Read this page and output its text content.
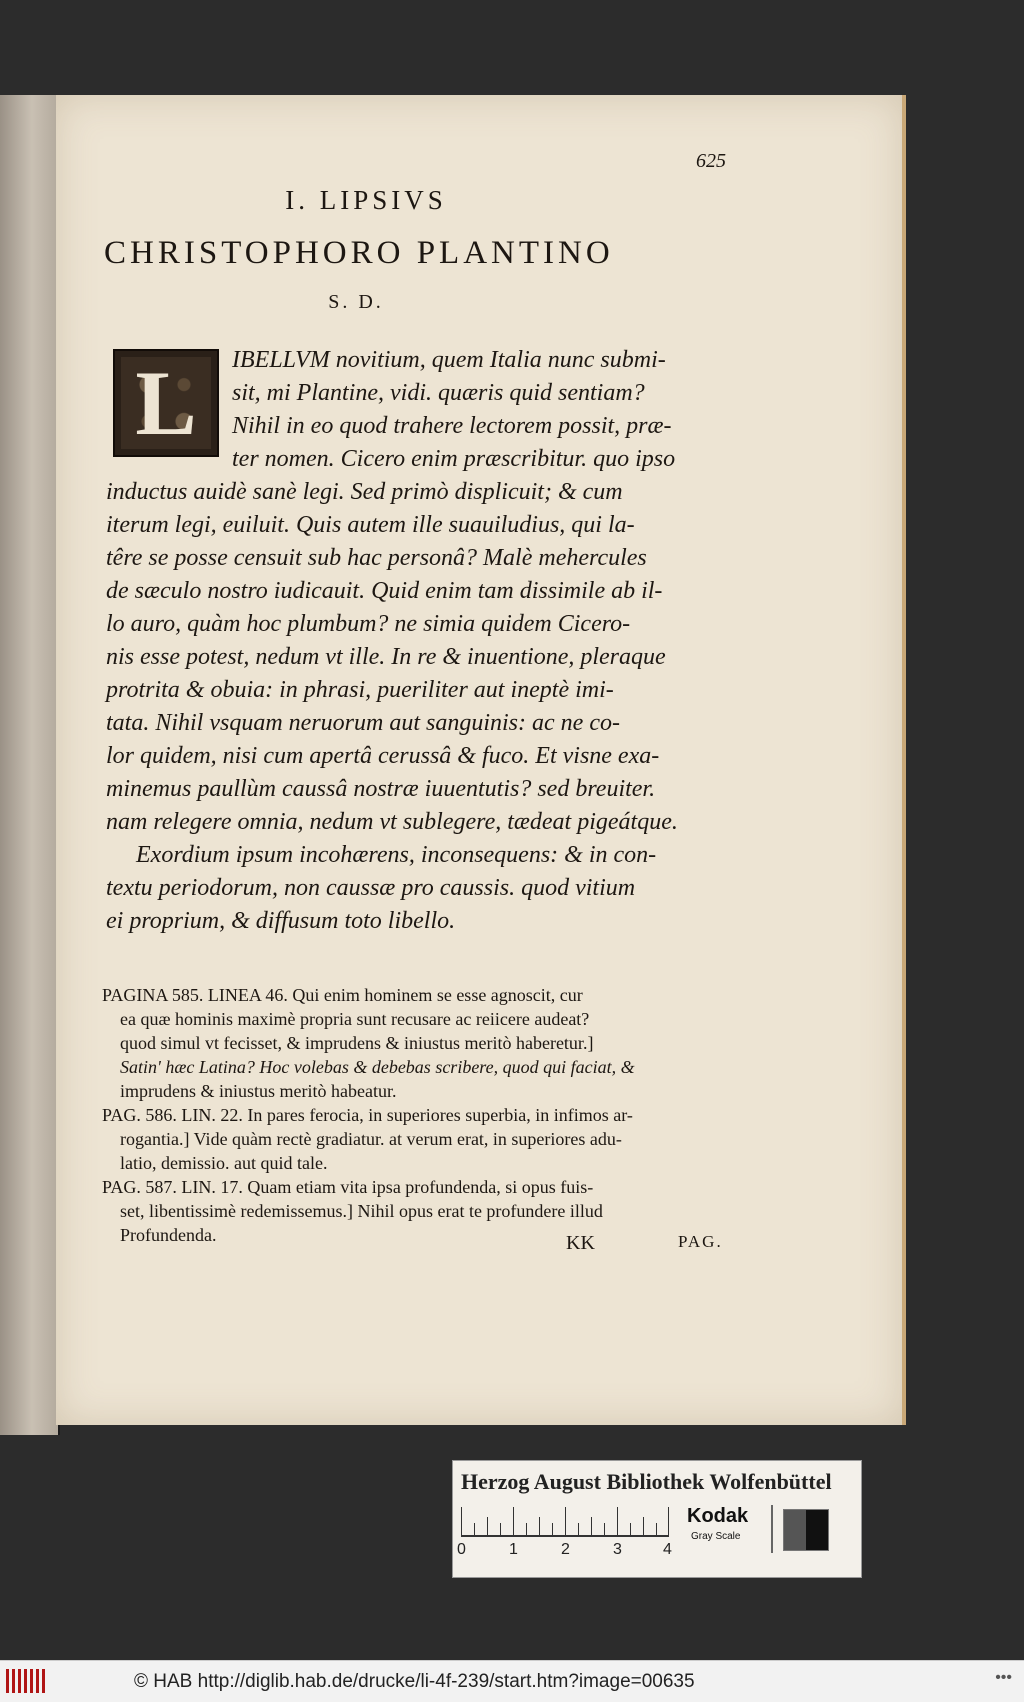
625
I. LIPSIVS
CHRISTOPHORO PLANTINO
S. D.
L	IBELLVM novitium, quem Italia nunc submi-
sit, mi Plantine, vidi. quæris quid sentiam?
Nihil in eo quod trahere lectorem possit, præ-
ter nomen. Cicero enim præscribitur. quo ipso
inductus auidè sanè legi. Sed primò displicuit; & cum
iterum legi, euiluit. Quis autem ille suauiludius, qui la-
têre se posse censuit sub hac personâ? Malè mehercules
de sæculo nostro iudicauit. Quid enim tam dissimile ab il-
lo auro, quàm hoc plumbum? ne simia quidem Cicero-
nis esse potest, nedum vt ille. In re & inuentione, pleraque
protrita & obuia: in phrasi, pueriliter aut ineptè imi-
tata. Nihil vsquam neruorum aut sanguinis: ac ne co-
lor quidem, nisi cum apertâ cerussâ & fuco. Et visne exa-
minemus paullùm caussâ nostræ iuuentutis? sed breuiter.
nam relegere omnia, nedum vt sublegere, tædeat pigeátque.
Exordium ipsum incohærens, inconsequens: & in con-
textu periodorum, non caussæ pro caussis. quod vitium
ei proprium, & diffusum toto libello.
PAGINA 585. LINEA 46. Qui enim hominem se esse agnoscit, cur
ea quæ hominis maximè propria sunt recusare ac reiicere audeat?
quod simul vt fecisset, & imprudens & iniustus meritò haberetur.]
Satin' hæc Latina? Hoc volebas & debebas scribere, quod qui faciat, &
imprudens & iniustus meritò habeatur.
PAG. 586. LIN. 22. In pares ferocia, in superiores superbia, in infimos ar-
rogantia.] Vide quàm rectè gradiatur. at verum erat, in superiores adu-
latio, demissio. aut quid tale.
PAG. 587. LIN. 17. Quam etiam vita ipsa profundenda, si opus fuis-
set, libentissimè redemissemus.] Nihil opus erat te profundere illud
Profundenda.	KK	PAG.
Herzog August Bibliothek Wolfenbüttel
0	1	2	3	4
Kodak
Gray Scale
© HAB http://diglib.hab.de/drucke/li-4f-239/start.htm?image=00635	•••
